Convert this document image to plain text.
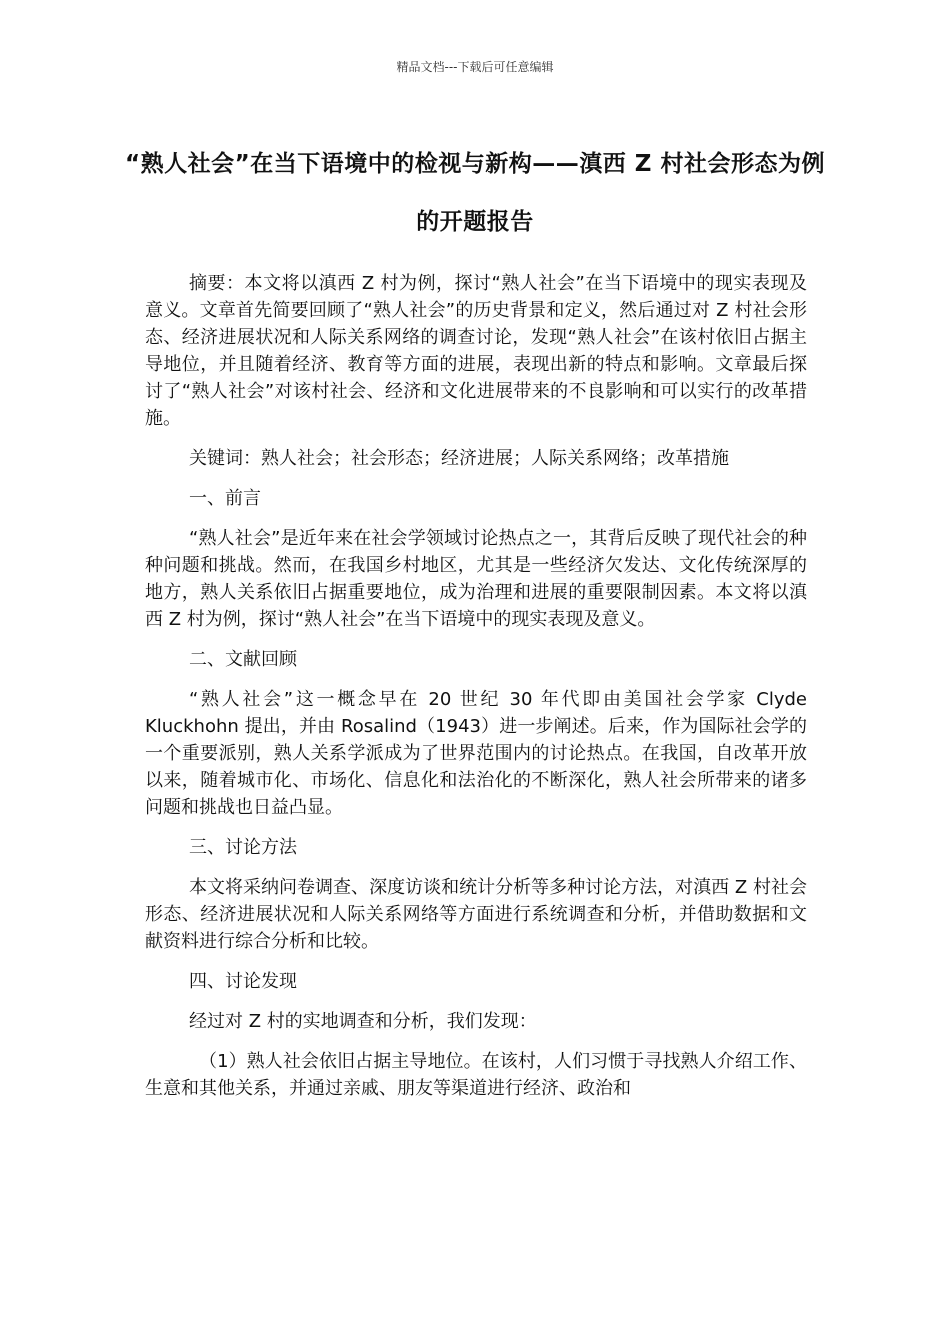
精品文档---下载后可任意编辑
“熟人社会”在当下语境中的检视与新构——滇西 Z 村社会形态为例的开题报告

摘要：本文将以滇西 Z 村为例，探讨“熟人社会”在当下语境中的现实表现及意义。文章首先简要回顾了“熟人社会”的历史背景和定义，然后通过对 Z 村社会形态、经济进展状况和人际关系网络的调查讨论，发现“熟人社会”在该村依旧占据主导地位，并且随着经济、教育等方面的进展，表现出新的特点和影响。文章最后探讨了“熟人社会”对该村社会、经济和文化进展带来的不良影响和可以实行的改革措施。

关键词：熟人社会；社会形态；经济进展；人际关系网络；改革措施

一、前言

“熟人社会”是近年来在社会学领域讨论热点之一，其背后反映了现代社会的种种问题和挑战。然而，在我国乡村地区，尤其是一些经济欠发达、文化传统深厚的地方，熟人关系依旧占据重要地位，成为治理和进展的重要限制因素。本文将以滇西 Z 村为例，探讨“熟人社会”在当下语境中的现实表现及意义。

二、文献回顾

“熟人社会”这一概念早在 20 世纪 30 年代即由美国社会学家 Clyde Kluckhohn 提出，并由 Rosalind（1943）进一步阐述。后来，作为国际社会学的一个重要派别，熟人关系学派成为了世界范围内的讨论热点。在我国，自改革开放以来，随着城市化、市场化、信息化和法治化的不断深化，熟人社会所带来的诸多问题和挑战也日益凸显。

三、讨论方法

本文将采纳问卷调查、深度访谈和统计分析等多种讨论方法，对滇西 Z 村社会形态、经济进展状况和人际关系网络等方面进行系统调查和分析，并借助数据和文献资料进行综合分析和比较。

四、讨论发现

经过对 Z 村的实地调查和分析，我们发现：

（1）熟人社会依旧占据主导地位。在该村，人们习惯于寻找熟人介绍工作、生意和其他关系，并通过亲戚、朋友等渠道进行经济、政治和
